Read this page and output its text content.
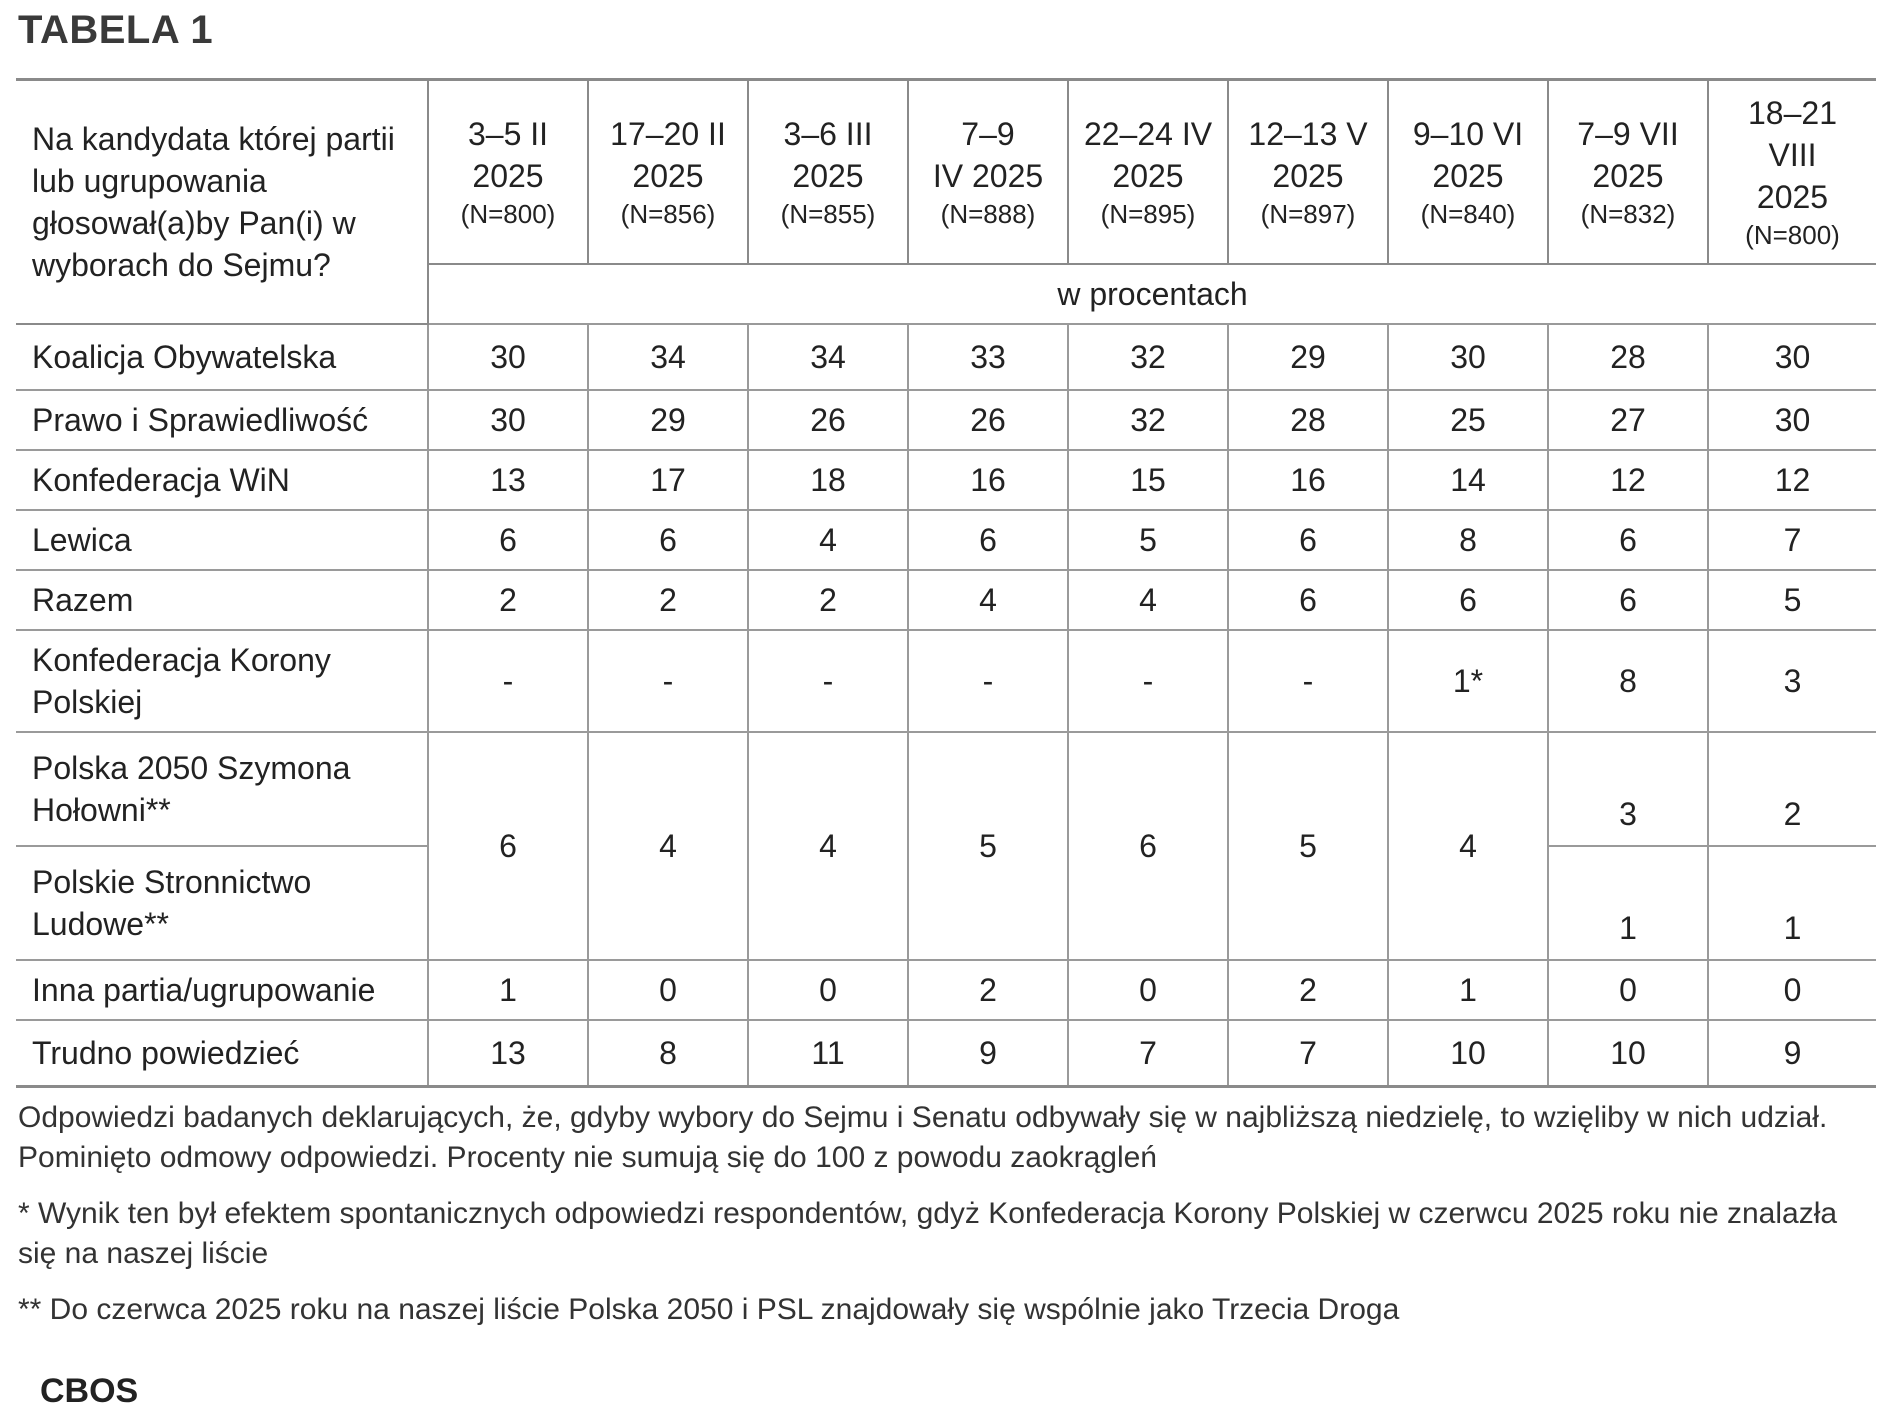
TABELA 1
Na kandydata której partii lub ugrupowania głosował(a)by Pan(i) w wyborach do Sejmu?	3–5 II
2025
(N=800)	17–20 II
2025
(N=856)	3–6 III
2025
(N=855)	7–9
IV 2025
(N=888)	22–24 IV
2025
(N=895)	12–13 V
2025
(N=897)	9–10 VI
2025
(N=840)	7–9 VII
2025
(N=832)	18–21
VIII
2025
(N=800)

	w procentach								
Koalicja Obywatelska	30	34	34	33	32	29	30	28	30
Prawo i Sprawiedliwość	30	29	26	26	32	28	25	27	30
Konfederacja WiN	13	17	18	16	15	16	14	12	12
Lewica	6	6	4	6	5	6	8	6	7
Razem	2	2	2	4	4	6	6	6	5
Konfederacja Korony Polskiej	-	-	-	-	-	-	1*	8	3
Polska 2050 Szymona Hołowni**	6	4	4	5	6	5	4	3	2
Polskie Stronnictwo Ludowe**								1	1
Inna partia/ugrupowanie	1	0	0	2	0	2	1	0	0
Trudno powiedzieć	13	8	11	9	7	7	10	10	9

Odpowiedzi badanych deklarujących, że, gdyby wybory do Sejmu i Senatu odbywały się w najbliższą niedzielę, to wzięliby w nich udział. Pominięto odmowy odpowiedzi. Procenty nie sumują się do 100 z powodu zaokrągleń

* Wynik ten był efektem spontanicznych odpowiedzi respondentów, gdyż Konfederacja Korony Polskiej w czerwcu 2025 roku nie znalazła się na naszej liście

** Do czerwca 2025 roku na naszej liście Polska 2050 i PSL znajdowały się wspólnie jako Trzecia Droga

CBOS
